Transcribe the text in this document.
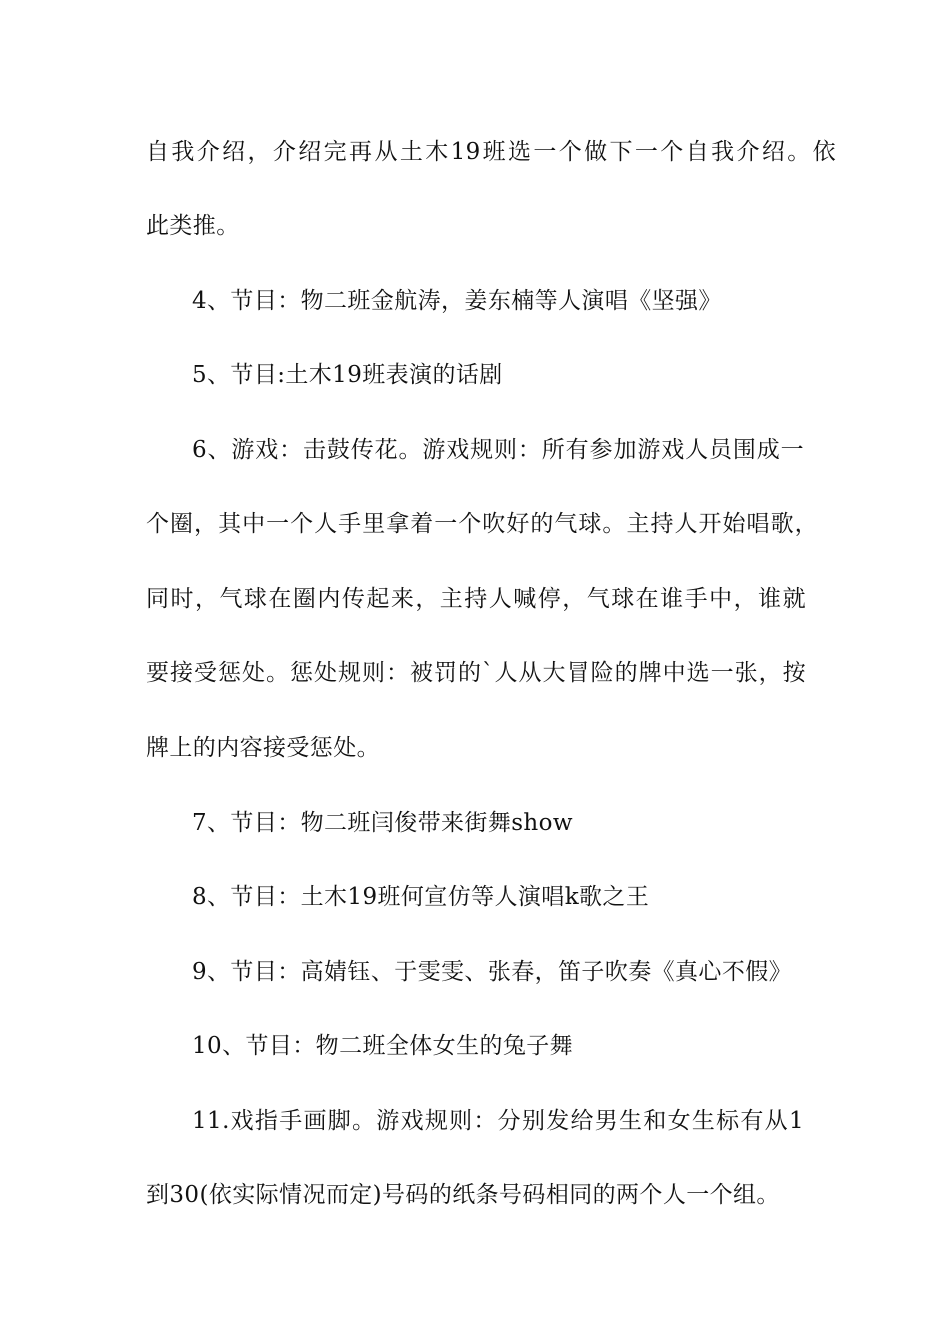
自我介绍，介绍完再从土木19班选一个做下一个自我介绍。依
此类推。
4、节目：物二班金航涛，姜东楠等人演唱《坚强》
5、节目:土木19班表演的话剧
6、游戏：击鼓传花。游戏规则：所有参加游戏人员围成一
个圈，其中一个人手里拿着一个吹好的气球。主持人开始唱歌，
同时，气球在圈内传起来，主持人喊停，气球在谁手中，谁就
要接受惩处。惩处规则：被罚的`人从大冒险的牌中选一张，按
牌上的内容接受惩处。
7、节目：物二班闫俊带来街舞show
8、节目：土木19班何宣仿等人演唱k歌之王
9、节目：高婧钰、于雯雯、张春，笛子吹奏《真心不假》
10、节目：物二班全体女生的兔子舞
11.戏指手画脚。游戏规则：分别发给男生和女生标有从1
到30(依实际情况而定)号码的纸条号码相同的两个人一个组。
